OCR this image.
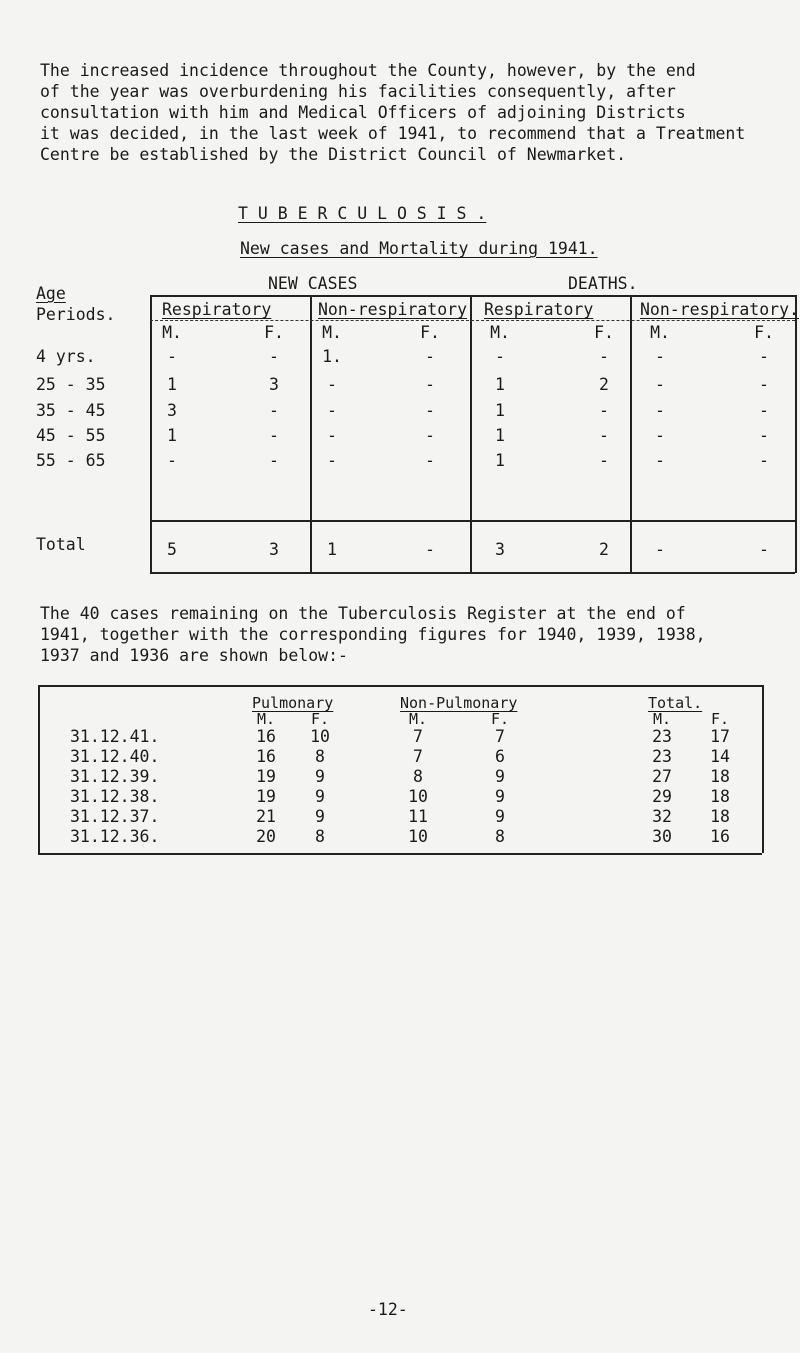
The increased incidence throughout the County, however, by the end
of the year was overburdening his facilities consequently, after
consultation with him and Medical Officers of adjoining Districts
it was decided, in the last week of 1941, to recommend that a Treatment
Centre be established by the District Council of Newmarket.
T U B E R C U L O S I S .
New cases and Mortality during 1941.
NEW CASES	DEATHS.
Age
Periods.	Respiratory	Non-respiratory Respiratory	Non-respiratory.
M.	F.	M.	F.	M.	F.	M.	F.
4 yrs.	-	-	1.	-	-	-	-	-
25 - 35	1	3	-	-	1	2	-	-
35 - 45	3	-	-	-	1	-	-	-
45 - 55	1	-	-	-	1	-	-	-
55 - 65	-	-	-	-	1	-	-	-
Total	5	3	1	-	3	2	-	-
The 40 cases remaining on the Tuberculosis Register at the end of
1941, together with the corresponding figures for 1940, 1939, 1938,
1937 and 1936 are shown below:-
Pulmonary	Non-Pulmonary	Total.
M.	F.	M.	F.	M.	F.
31.12.41.	16	10	7	7	23	17
31.12.40.	16	8	7	6	23	14
31.12.39.	19	9	8	9	27	18
31.12.38.	19	9	10	9	29	18
31.12.37.	21	9	11	9	32	18
31.12.36.	20	8	10	8	30	16
-12-
